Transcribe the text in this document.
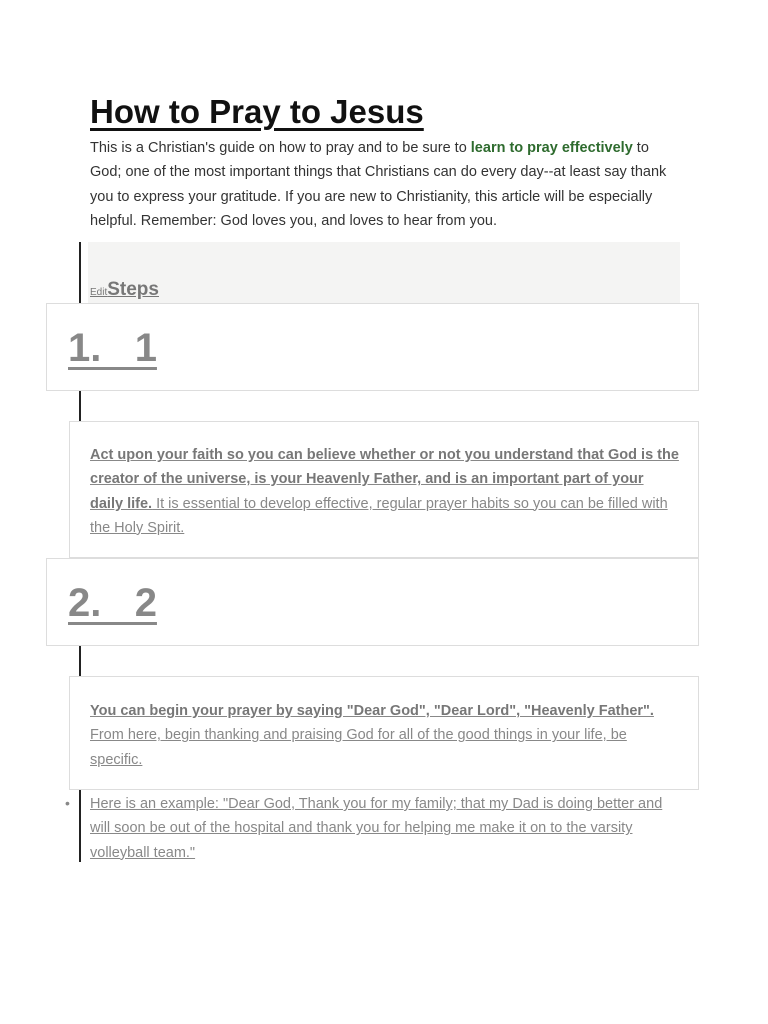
How to Pray to Jesus

This is a Christian's guide on how to pray and to be sure to learn to pray effectively to God; one of the most important things that Christians can do every day--at least say thank you to express your gratitude. If you are new to Christianity, this article will be especially helpful. Remember: God loves you, and loves to hear from you.

EditSteps
1.   1

Act upon your faith so you can believe whether or not you understand that God is the creator of the universe, is your Heavenly Father, and is an important part of your daily life. It is essential to develop effective, regular prayer habits so you can be filled with the Holy Spirit.

2.   2

You can begin your prayer by saying "Dear God", "Dear Lord", "Heavenly Father". From here, begin thanking and praising God for all of the good things in your life, be specific.

• Here is an example: "Dear God, Thank you for my family; that my Dad is doing better and will soon be out of the hospital and thank you for helping me make it on to the varsity volleyball team."
